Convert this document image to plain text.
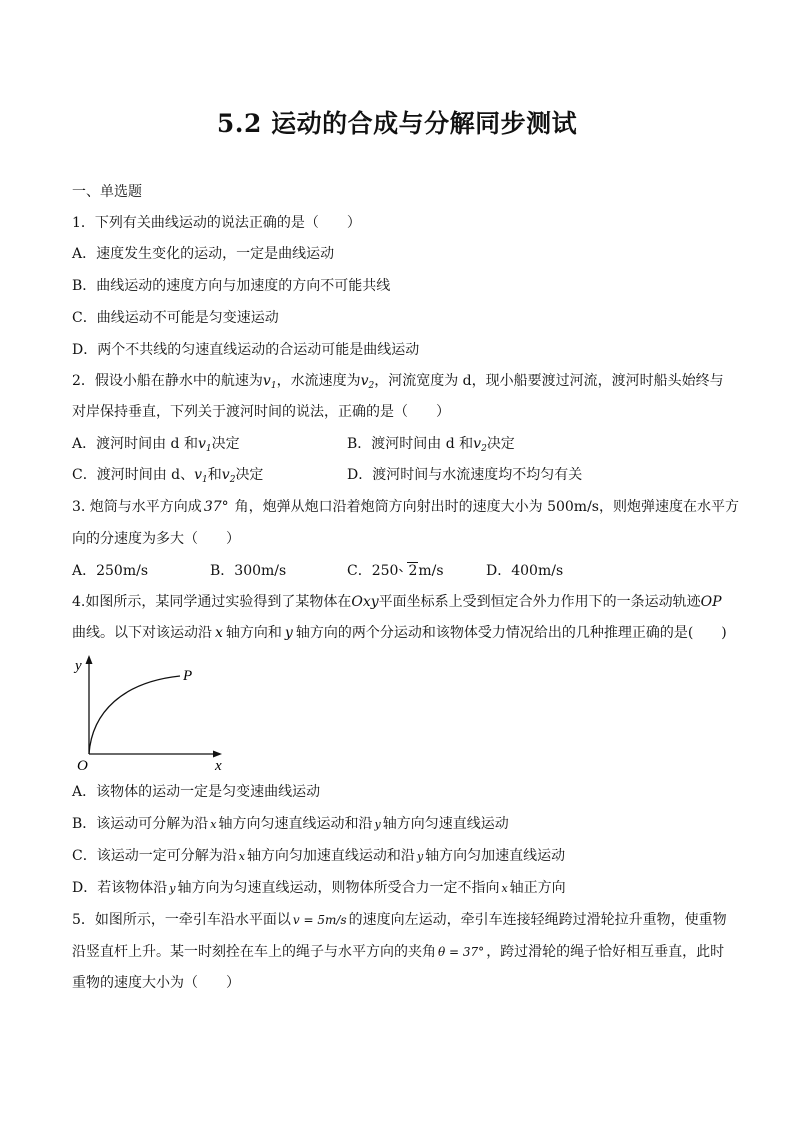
5.2 运动的合成与分解同步测试
一、单选题
1．下列有关曲线运动的说法正确的是（　　）
A．速度发生变化的运动，一定是曲线运动
B．曲线运动的速度方向与加速度的方向不可能共线
C．曲线运动不可能是匀变速运动
D．两个不共线的匀速直线运动的合运动可能是曲线运动
2．假设小船在静水中的航速为$v_1$，水流速度为$v_2$，河流宽度为 d，现小船要渡过河流，渡河时船头始终与
对岸保持垂直，下列关于渡河时间的说法，正确的是（　　）
A．渡河时间由 d 和$v_1$决定	B．渡河时间由 d 和$v_2$决定
C．渡河时间由 d、$v_1$和$v_2$决定	D．渡河时间与水流速度均不均匀有关
3. 炮筒与水平方向成 37° 角，炮弹从炮口沿着炮筒方向射出时的速度大小为 500m/s，则炮弹速度在水平方
向的分速度为多大（　　）
A．250m/s	B．300m/s	C．250 2m/s	D．400m/s
4.如图所示，某同学通过实验得到了某物体在Oxy平面坐标系上受到恒定合外力作用下的一条运动轨迹OP
曲线。以下对该运动沿 x 轴方向和 y 轴方向的两个分运动和该物体受力情况给出的几种推理正确的是(　　)
y
x
O
P
A．该物体的运动一定是匀变速曲线运动
B．该运动可分解为沿 x 轴方向匀速直线运动和沿 y 轴方向匀速直线运动
C．该运动一定可分解为沿 x 轴方向匀加速直线运动和沿 y 轴方向匀加速直线运动
D．若该物体沿 y 轴方向为匀速直线运动，则物体所受合力一定不指向 x 轴正方向
5．如图所示，一牵引车沿水平面以 v = 5m/s 的速度向左运动，牵引车连接轻绳跨过滑轮拉升重物，使重物
沿竖直杆上升。某一时刻拴在车上的绳子与水平方向的夹角 θ = 37° ，跨过滑轮的绳子恰好相互垂直，此时
重物的速度大小为（　　）
